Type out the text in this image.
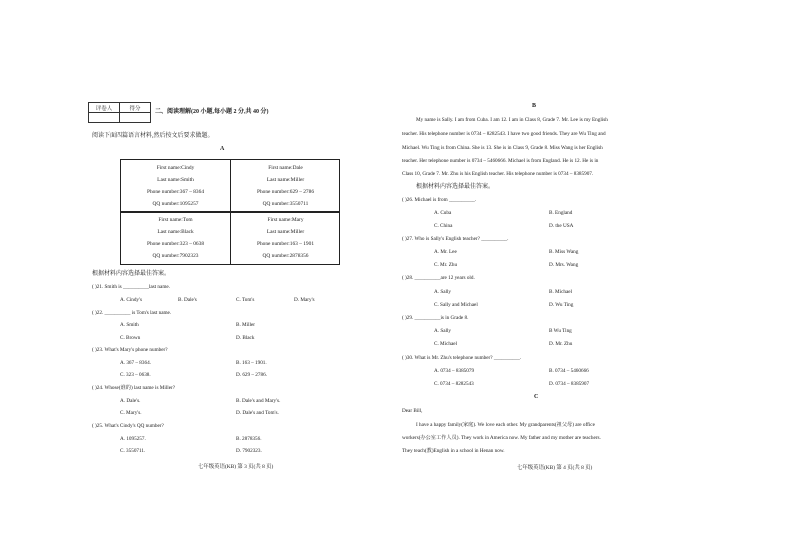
评卷人	得分

二、阅读理解(20 小题,每小题 2 分,共 40 分)
阅读下面四篇语言材料,然后按文后要求做题。
A
First name:Cindy
Last name:Smith
Phone number:367 – 8364
QQ number:1095257
First name:Dale
Last name:Miller
Phone number:629 – 2786
QQ number:3550711
First name:Tom
Last name:Black
Phone number:323 – 0638
QQ number:7902323
First name:Mary
Last name:Miller
Phone number:163 – 1901
QQ number:2878356
根据材料内容选择最佳答案。
( )21. Smith is __________last name.
A. Cindy's	B. Dale's	C. Tom's	D. Mary's
( )22. __________ is Tom's last name.
A. Smith	B. Miller
C. Brown	D. Black
( )23. What's Mary's phone number?
A. 367 – 8364.	B. 163 – 1901.
C. 323 – 0638.	D. 629 – 2786.
( )24. Whose(谁的) last name is Miller?
A. Dale's.	B. Dale's and Mary's.
C. Mary's.	D. Dale's and Tom's.
( )25. What's Cindy's QQ number?
A. 1095257.	B. 2878356.
C. 3550711.	D. 7902323.
七年级英语(KB) 第 3 页(共 8 页)
B
My name is Sally. I am from Cuba. I am 12. I am in Class 8, Grade 7. Mr. Lee is my English
teacher. His telephone number is 0734 – 8282543. I have two good friends. They are Wu Ting and
Michael. Wu Ting is from China. She is 13. She is in Class 9, Grade 8. Miss Wang is her English
teacher. Her telephone number is 0734 – 5460666. Michael is from England. He is 12. He is in
Class 10, Grade 7. Mr. Zhu is his English teacher. His telephone number is 0734 – 8385907.
根据材料内容选择最佳答案。
( )26. Michael is from __________.
A. Cuba	B. England
C. China	D. the USA
( )27. Who is Sally's English teacher? __________.
A. Mr. Lee	B. Miss Wang
C. Mr. Zhu	D. Mrs. Wang
( )28. __________are 12 years old.
A. Sally	B. Michael
C. Sally and Michael	D. Wu Ting
( )29. __________is in Grade 8.
A. Sally	B Wu Ting
C. Michael	D. Mr. Zhu
( )30. What is Mr. Zhu's telephone number? __________.
A. 0734 – 8385079	B. 0734 – 5460666
C. 0734 – 8282543	D. 0734 – 8385907
C
Dear Bill,
I have a happy family(家庭). We love each other. My grandparents(祖父母) are office
workers(办公室工作人员). They work in America now. My father and my mother are teachers.
They teach(教)English in a school in Henan now.
七年级英语(KB) 第 4 页(共 8 页)
